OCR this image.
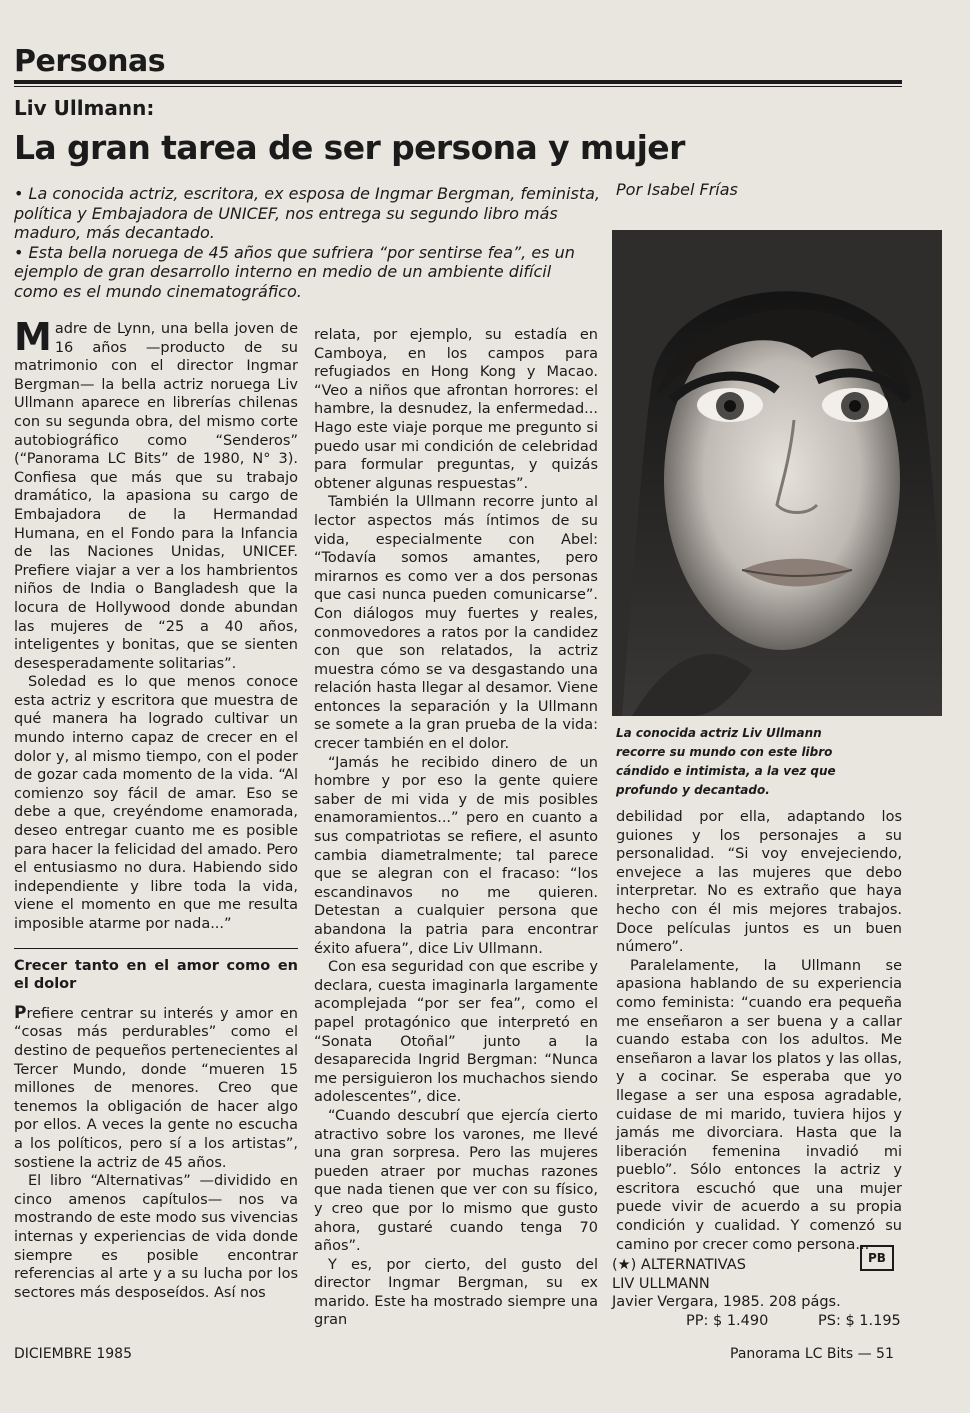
Personas
Liv Ullmann:
La gran tarea de ser persona y mujer
Por Isabel Frías

• La conocida actriz, escritora, ex esposa de Ingmar Bergman, feminista, política y Embajadora de UNICEF, nos entrega su segundo libro más maduro, más decantado.

• Esta bella noruega de 45 años que sufriera “por sentirse fea”, es un ejemplo de gran desarrollo interno en medio de un ambiente difícil como es el mundo cinematográfico.

Madre de Lynn, una bella joven de 16 años —producto de su matrimonio con el director Ingmar Bergman— la bella actriz noruega Liv Ullmann aparece en librerías chilenas con su segunda obra, del mismo corte autobiográfico como “Senderos” (“Panorama LC Bits” de 1980, N° 3). Confiesa que más que su trabajo dramático, la apasiona su cargo de Embajadora de la Hermandad Humana, en el Fondo para la Infancia de las Naciones Unidas, UNICEF. Prefiere viajar a ver a los hambrientos niños de India o Bangladesh que la locura de Hollywood donde abundan las mujeres de “25 a 40 años, inteligentes y bonitas, que se sienten desesperadamente solitarias”.

Soledad es lo que menos conoce esta actriz y escritora que muestra de qué manera ha logrado cultivar un mundo interno capaz de crecer en el dolor y, al mismo tiempo, con el poder de gozar cada momento de la vida. “Al comienzo soy fácil de amar. Eso se debe a que, creyéndome enamorada, deseo entregar cuanto me es posible para hacer la felicidad del amado. Pero el entusiasmo no dura. Habiendo sido independiente y libre toda la vida, viene el momento en que me resulta imposible atarme por nada...”

Crecer tanto en el amor como en el dolor

Prefiere centrar su interés y amor en “cosas más perdurables” como el destino de pequeños pertenecientes al Tercer Mundo, donde “mueren 15 millones de menores. Creo que tenemos la obligación de hacer algo por ellos. A veces la gente no escucha a los políticos, pero sí a los artistas”, sostiene la actriz de 45 años.

El libro “Alternativas” —dividido en cinco amenos capítulos— nos va mostrando de este modo sus vivencias internas y experiencias de vida donde siempre es posible encontrar referencias al arte y a su lucha por los sectores más desposeídos. Así nos

relata, por ejemplo, su estadía en Camboya, en los campos para refugiados en Hong Kong y Macao. “Veo a niños que afrontan horrores: el hambre, la desnudez, la enfermedad... Hago este viaje porque me pregunto si puedo usar mi condición de celebridad para formular preguntas, y quizás obtener algunas respuestas”.

También la Ullmann recorre junto al lector aspectos más íntimos de su vida, especialmente con Abel: “Todavía somos amantes, pero mirarnos es como ver a dos personas que casi nunca pueden comunicarse”. Con diálogos muy fuertes y reales, conmovedores a ratos por la candidez con que son relatados, la actriz muestra cómo se va desgastando una relación hasta llegar al desamor. Viene entonces la separación y la Ullmann se somete a la gran prueba de la vida: crecer también en el dolor.

“Jamás he recibido dinero de un hombre y por eso la gente quiere saber de mi vida y de mis posibles enamoramientos...” pero en cuanto a sus compatriotas se refiere, el asunto cambia diametralmente; tal parece que se alegran con el fracaso: “los escandinavos no me quieren. Detestan a cualquier persona que abandona la patria para encontrar éxito afuera”, dice Liv Ullmann.

Con esa seguridad con que escribe y declara, cuesta imaginarla largamente acomplejada “por ser fea”, como el papel protagónico que interpretó en “Sonata Otoñal” junto a la desaparecida Ingrid Bergman: “Nunca me persiguieron los muchachos siendo adolescentes”, dice.

“Cuando descubrí que ejercía cierto atractivo sobre los varones, me llevé una gran sorpresa. Pero las mujeres pueden atraer por muchas razones que nada tienen que ver con su físico, y creo que por lo mismo que gusto ahora, gustaré cuando tenga 70 años”.

Y es, por cierto, del gusto del director Ingmar Bergman, su ex marido. Este ha mostrado siempre una gran

La conocida actriz Liv Ullmann recorre su mundo con este libro cándido e intimista, a la vez que profundo y decantado.

debilidad por ella, adaptando los guiones y los personajes a su personalidad. “Si voy envejeciendo, envejece a las mujeres que debo interpretar. No es extraño que haya hecho con él mis mejores trabajos. Doce películas juntos es un buen número”.

Paralelamente, la Ullmann se apasiona hablando de su experiencia como feminista: “cuando era pequeña me enseñaron a ser buena y a callar cuando estaba con los adultos. Me enseñaron a lavar los platos y las ollas, y a cocinar. Se esperaba que yo llegase a ser una esposa agradable, cuidase de mi marido, tuviera hijos y jamás me divorciara. Hasta que la liberación femenina invadió mi pueblo”. Sólo entonces la actriz y escritora escuchó que una mujer puede vivir de acuerdo a su propia condición y cualidad. Y comenzó su camino por crecer como persona...

(★) ALTERNATIVAS
LIV ULLMANN
Javier Vergara, 1985. 208 págs.
PP: $ 1.490	PS: $ 1.195
PB
DICIEMBRE 1985	Panorama LC Bits — 51
